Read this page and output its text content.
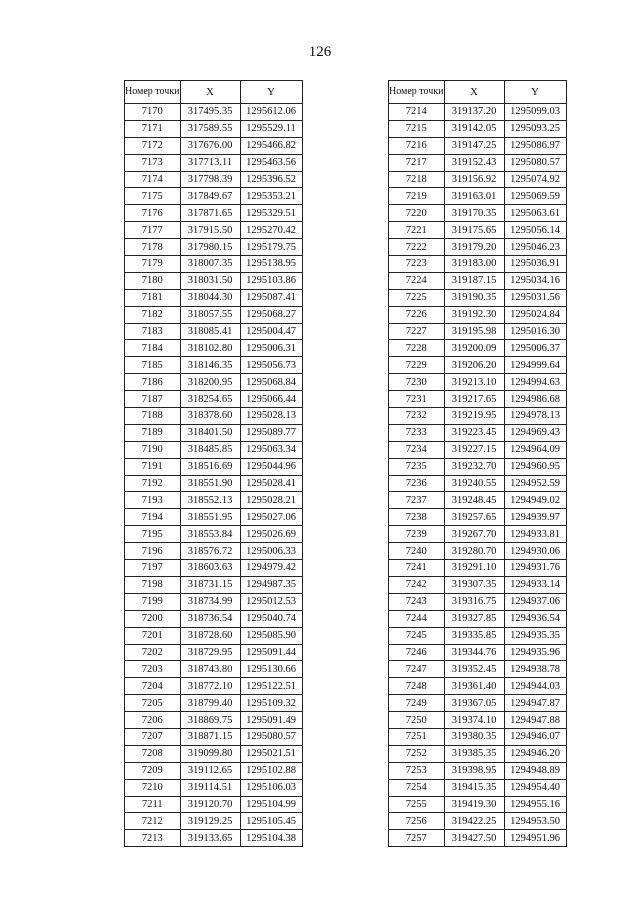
126
Номер точки	X	Y
7170	317495.35	1295612.06
7171	317589.55	1295529.11
7172	317676.00	1295466.82
7173	317713.11	1295463.56
7174	317798.39	1295396.52
7175	317849.67	1295353.21
7176	317871.65	1295329.51
7177	317915.50	1295270.42
7178	317980.15	1295179.75
7179	318007.35	1295138.95
7180	318031.50	1295103.86
7181	318044.30	1295087.41
7182	318057.55	1295068.27
7183	318085.41	1295004.47
7184	318102.80	1295006.31
7185	318146.35	1295056.73
7186	318200.95	1295068.84
7187	318254.65	1295066.44
7188	318378.60	1295028.13
7189	318401.50	1295089.77
7190	318485.85	1295063.34
7191	318516.69	1295044.96
7192	318551.90	1295028.41
7193	318552.13	1295028.21
7194	318551.95	1295027.06
7195	318553.84	1295026.69
7196	318576.72	1295006.33
7197	318603.63	1294979.42
7198	318731.15	1294987.35
7199	318734.99	1295012.53
7200	318736.54	1295040.74
7201	318728.60	1295085.90
7202	318729.95	1295091.44
7203	318743.80	1295130.66
7204	318772.10	1295122.51
7205	318799.40	1295109.32
7206	318869.75	1295091.49
7207	318871.15	1295080.57
7208	319099.80	1295021.51
7209	319112.65	1295102.88
7210	319114.51	1295106.03
7211	319120.70	1295104.99
7212	319129.25	1295105.45
7213	319133.65	1295104.38
Номер точки	X	Y
7214	319137.20	1295099.03
7215	319142.05	1295093.25
7216	319147.25	1295086.97
7217	319152.43	1295080.57
7218	319156.92	1295074.92
7219	319163.01	1295069.59
7220	319170.35	1295063.61
7221	319175.65	1295056.14
7222	319179.20	1295046.23
7223	319183.00	1295036.91
7224	319187.15	1295034.16
7225	319190.35	1295031.56
7226	319192.30	1295024.84
7227	319195.98	1295016.30
7228	319200.09	1295006.37
7229	319206.20	1294999.64
7230	319213.10	1294994.63
7231	319217.65	1294986.68
7232	319219.95	1294978.13
7233	319223.45	1294969.43
7234	319227.15	1294964.09
7235	319232.70	1294960.95
7236	319240.55	1294952.59
7237	319248.45	1294949.02
7238	319257.65	1294939.97
7239	319267.70	1294933.81
7240	319280.70	1294930.06
7241	319291.10	1294931.76
7242	319307.35	1294933.14
7243	319316.75	1294937.06
7244	319327.85	1294936.54
7245	319335.85	1294935.35
7246	319344.76	1294935.96
7247	319352.45	1294938.78
7248	319361.40	1294944.03
7249	319367.05	1294947.87
7250	319374.10	1294947.88
7251	319380.35	1294946.07
7252	319385.35	1294946.20
7253	319398.95	1294948.89
7254	319415.35	1294954.40
7255	319419.30	1294955.16
7256	319422.25	1294953.50
7257	319427.50	1294951.96
